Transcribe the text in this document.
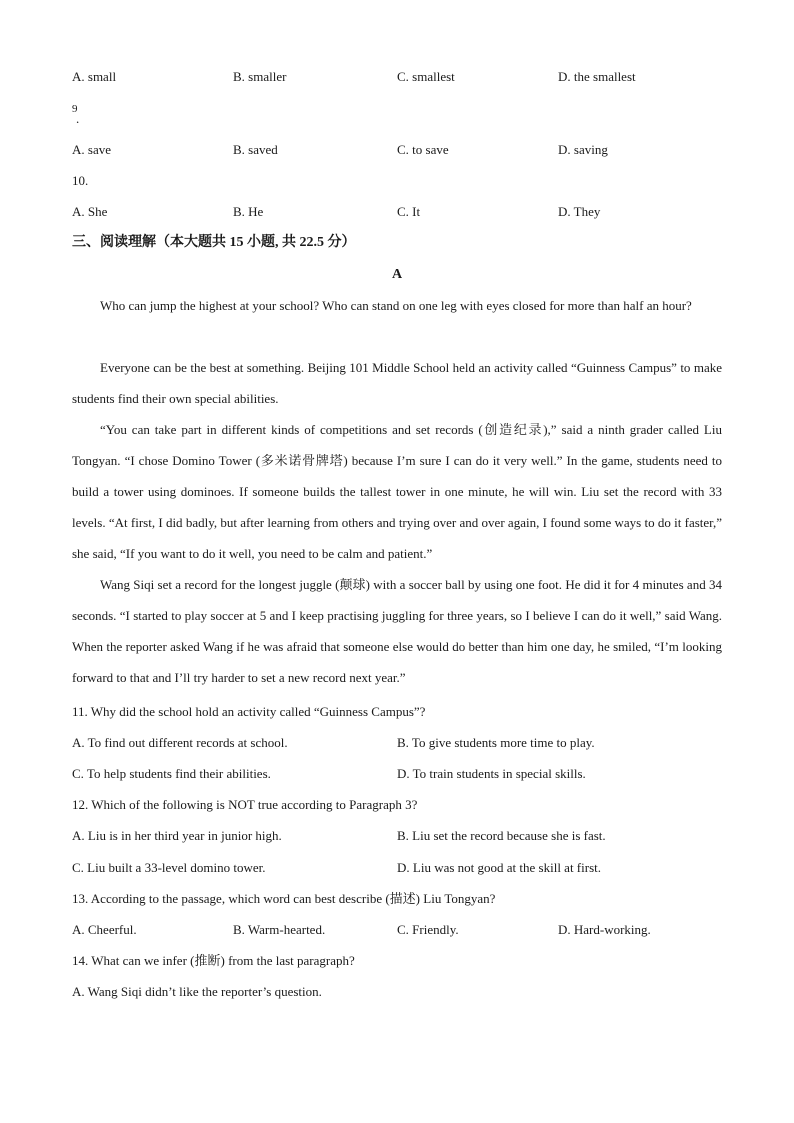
A. small	B. smaller	C. smallest	D. the smallest
9
.
A. save	B. saved	C. to save	D. saving
10.
A. She	B. He	C. It	D. They
三、阅读理解（本大题共 15 小题, 共 22.5 分）
A
Who can jump the highest at your school? Who can stand on one leg with eyes closed for more than half an hour?
Everyone can be the best at something. Beijing 101 Middle School held an activity called “Guinness Campus” to make students find their own special abilities.
“You can take part in different kinds of competitions and set records (创造纪录),” said a ninth grader called Liu Tongyan. “I chose Domino Tower (多米诺骨牌塔) because I’m sure I can do it very well.” In the game, students need to build a tower using dominoes. If someone builds the tallest tower in one minute, he will win. Liu set the record with 33 levels. “At first, I did badly, but after learning from others and trying over and over again, I found some ways to do it faster,” she said, “If you want to do it well, you need to be calm and patient.”
Wang Siqi set a record for the longest juggle (颠球) with a soccer ball by using one foot. He did it for 4 minutes and 34 seconds. “I started to play soccer at 5 and I keep practising juggling for three years, so I believe I can do it well,” said Wang. When the reporter asked Wang if he was afraid that someone else would do better than him one day, he smiled, “I’m looking forward to that and I’ll try harder to set a new record next year.”
11. Why did the school hold an activity called “Guinness Campus”?
A. To find out different records at school.	B. To give students more time to play.
C. To help students find their abilities.	D. To train students in special skills.
12. Which of the following is NOT true according to Paragraph 3?
A. Liu is in her third year in junior high.	B. Liu set the record because she is fast.
C. Liu built a 33-level domino tower.	D. Liu was not good at the skill at first.
13. According to the passage, which word can best describe (描述) Liu Tongyan?
A. Cheerful.	B. Warm-hearted.	C. Friendly.	D. Hard-working.
14. What can we infer (推断) from the last paragraph?
A. Wang Siqi didn’t like the reporter’s question.
